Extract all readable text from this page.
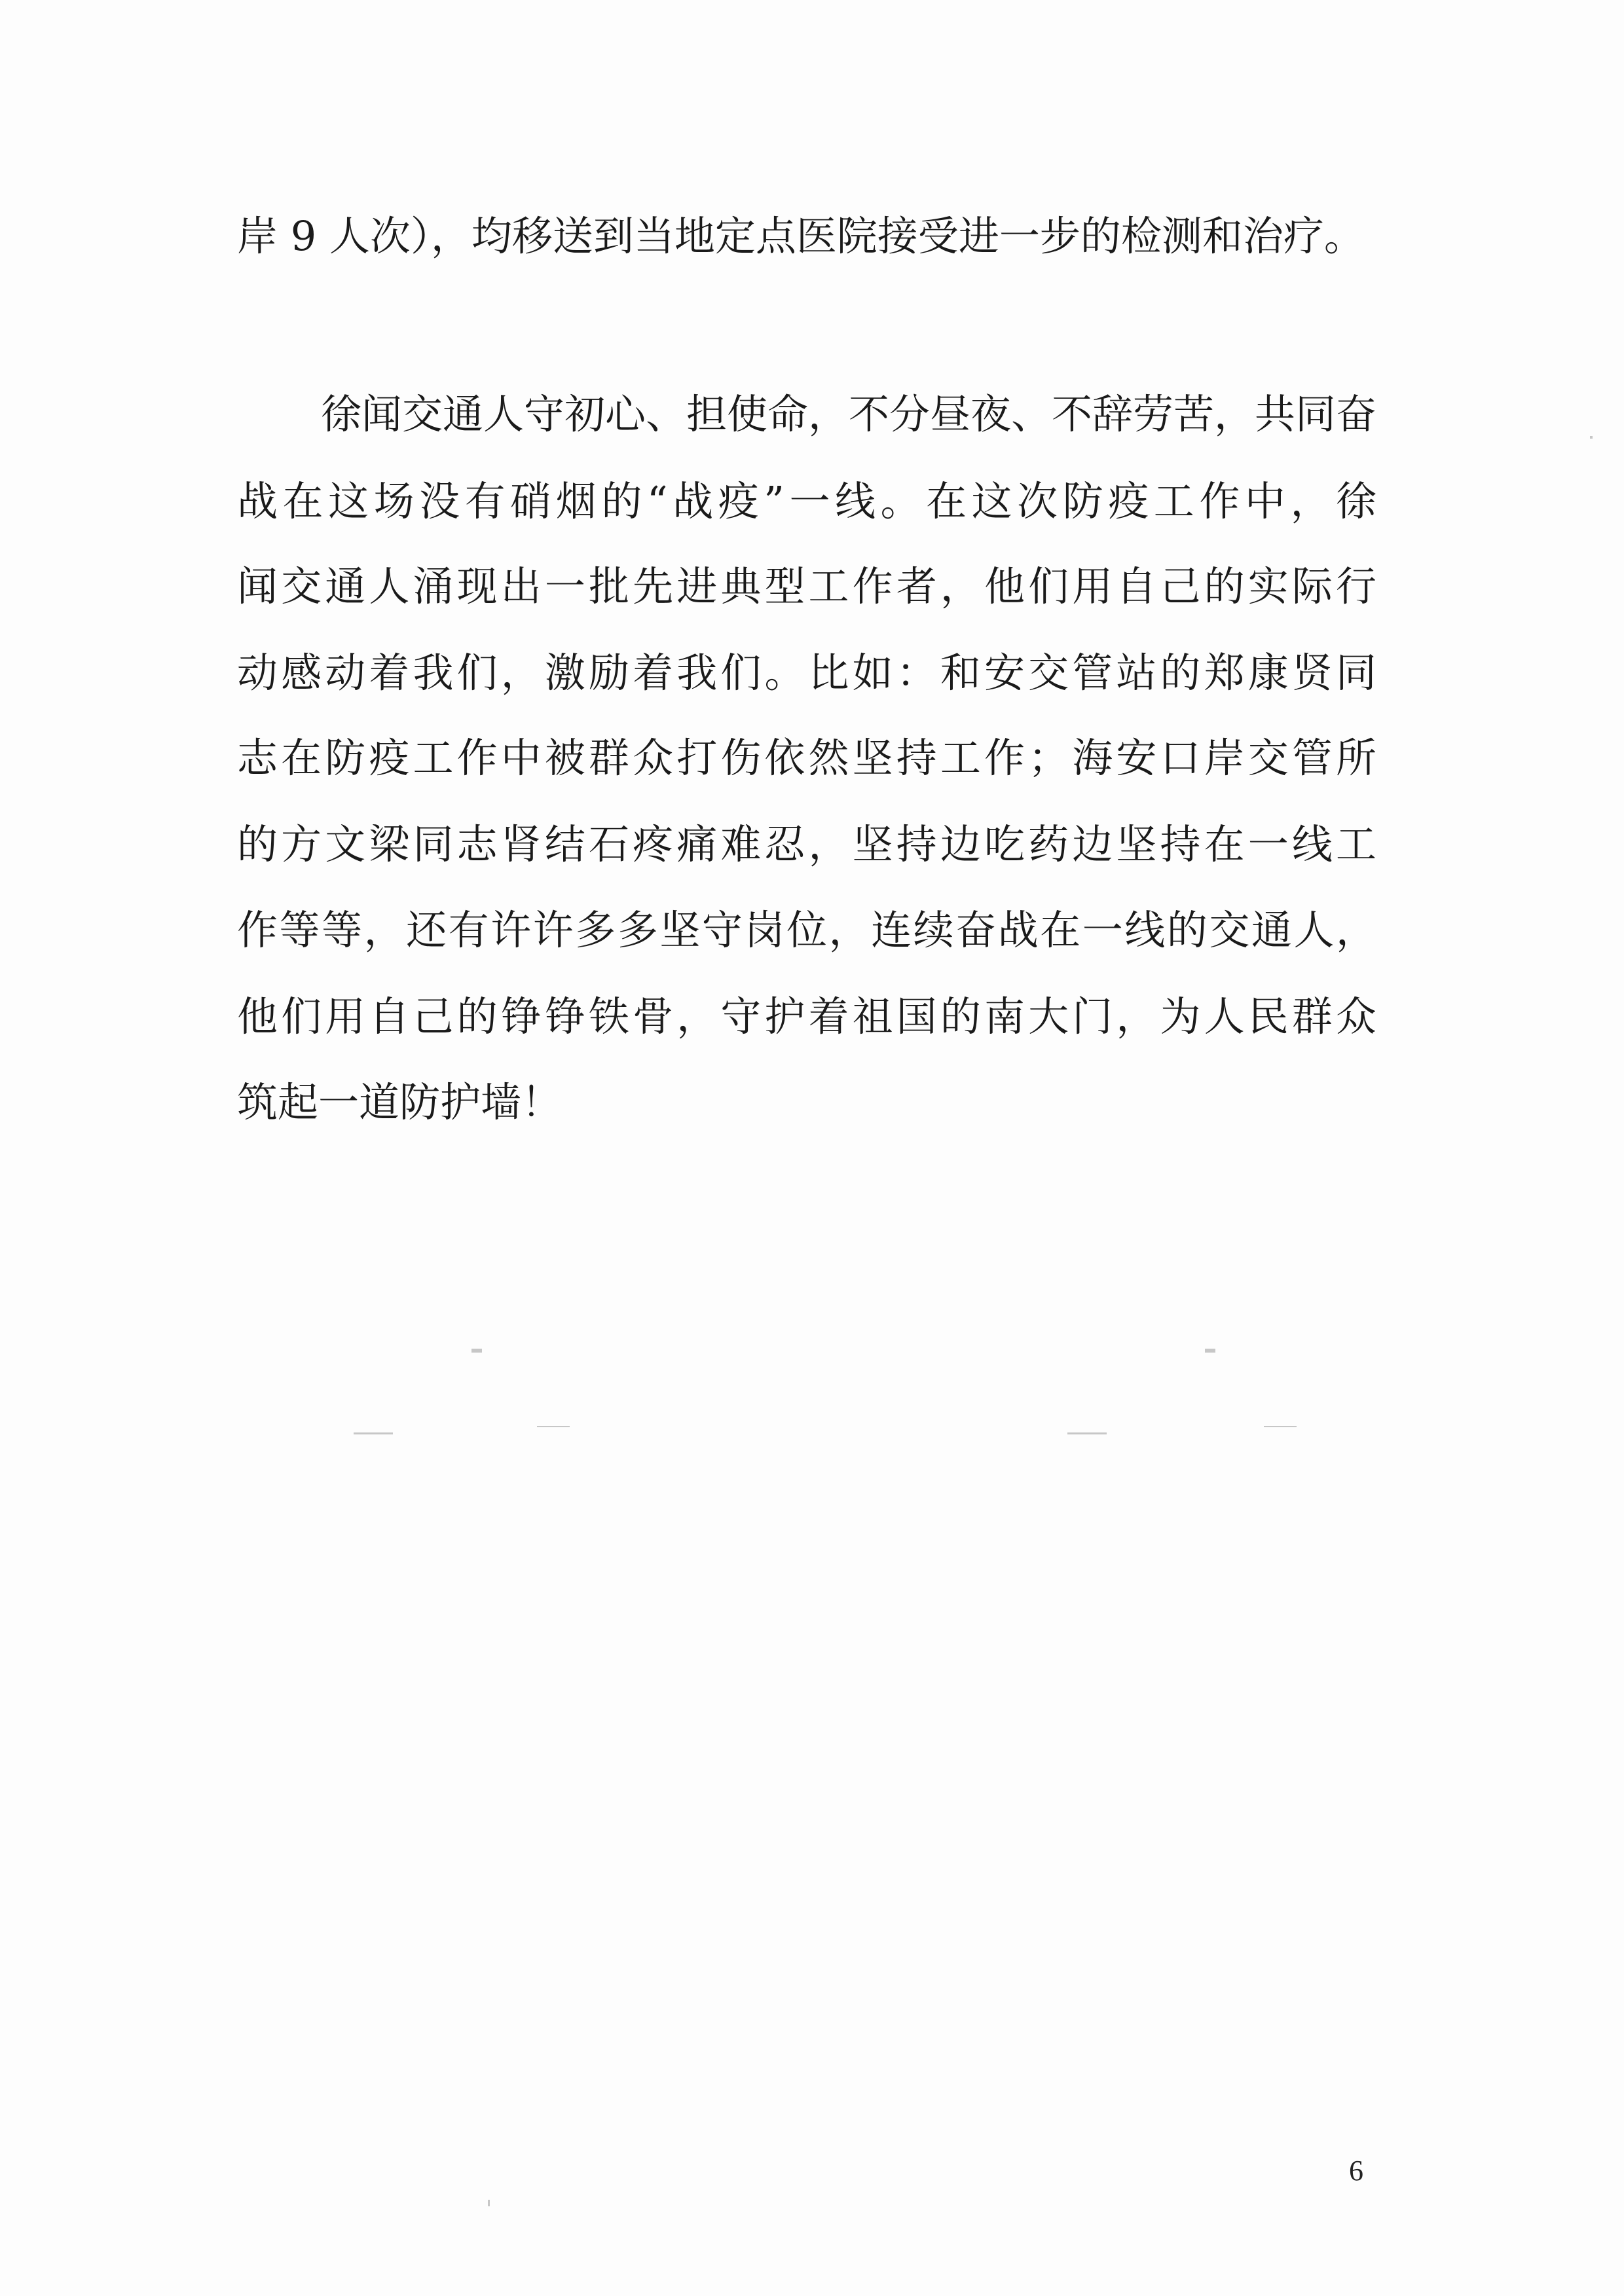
岸 9 人次），均移送到当地定点医院接受进一步的检测和治疗。
徐闻交通人守初心、担使命，不分昼夜、不辞劳苦，共同奋
战在这场没有硝烟的“战疫”一线。在这次防疫工作中，徐
闻交通人涌现出一批先进典型工作者，他们用自己的实际行
动感动着我们，激励着我们。比如：和安交管站的郑康贤同
志在防疫工作中被群众打伤依然坚持工作；海安口岸交管所
的方文梁同志肾结石疼痛难忍，坚持边吃药边坚持在一线工
作等等，还有许许多多坚守岗位，连续奋战在一线的交通人，
他们用自己的铮铮铁骨，守护着祖国的南大门，为人民群众
筑起一道防护墙！
6
